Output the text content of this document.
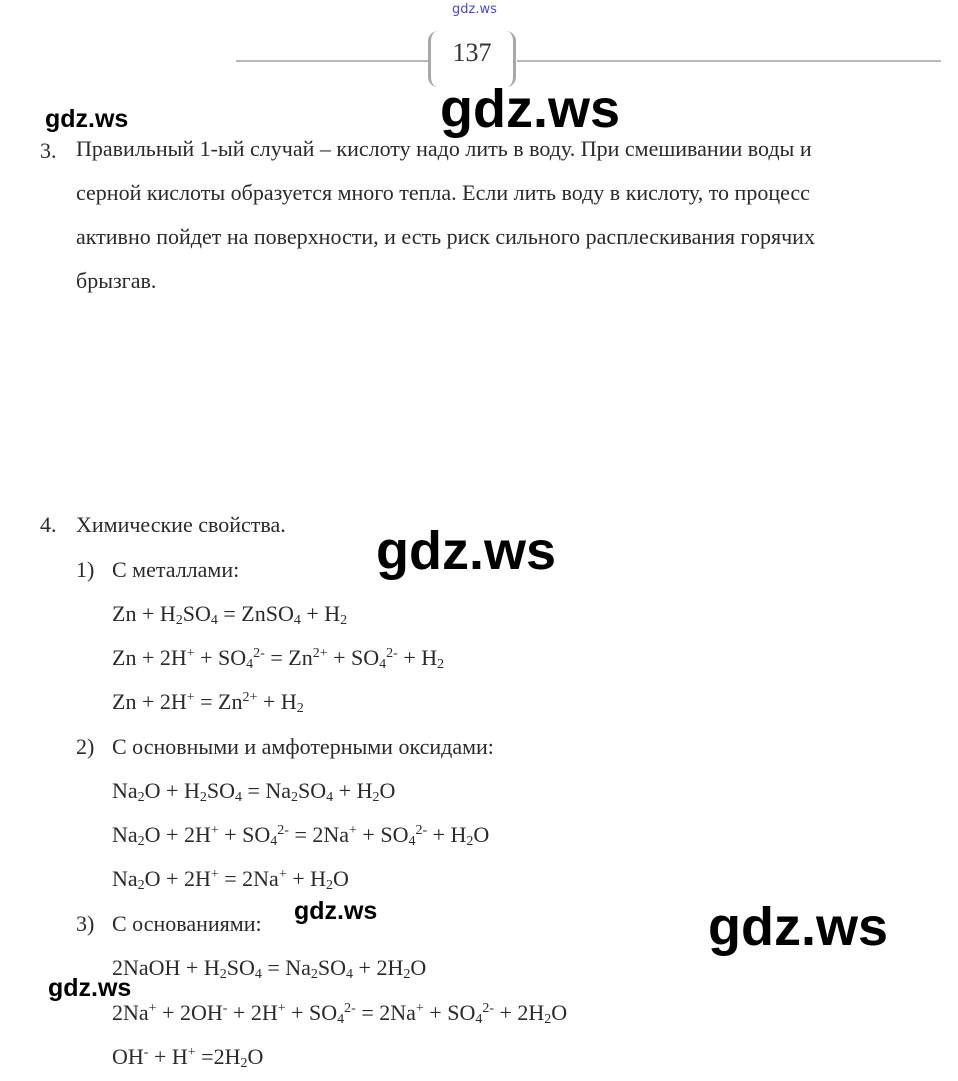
gdz.ws
137
gdz.ws
gdz.ws
gdz.ws
gdz.ws	gdz.ws
gdz.ws
3. Правильный 1-ый случай – кислоту надо лить в воду. При смешивании воды и
серной кислоты образуется много тепла. Если лить воду в кислоту, то процесс
активно пойдет на поверхности, и есть риск сильного расплескивания горячих
брызгав.
4. Химические свойства.
1) С металлами:
$Zn + H_2SO_4$ = ZnSO$_4$ + $H_2$
$Zn + 2H^+ + SO_4^{2-} = Zn^{2+} + SO_4^{2-} + H_2$
$Zn + 2H^+ = Zn^{2+} + H_2$
2) С основными и амфотерными оксидами:
$Na_2O + H_2SO_4 = Na_2SO_4 + H_2O$
$Na_2O + 2H^+ + SO_4^{2-} = 2Na^+ + SO_4^{2-} + H_2O$
$Na_2O + 2H^+ = 2Na^+ + H_2O$
3) С основаниями:
2NaOH + $H_2SO_4 = Na_2SO_4 + 2H_2O$
$2Na^+ + 2OH^- + 2H^+ + SO_4^{2-} = 2Na^+ + SO_4^{2-} + 2H_2O$
$OH^- + H^+ =2H_2O$
